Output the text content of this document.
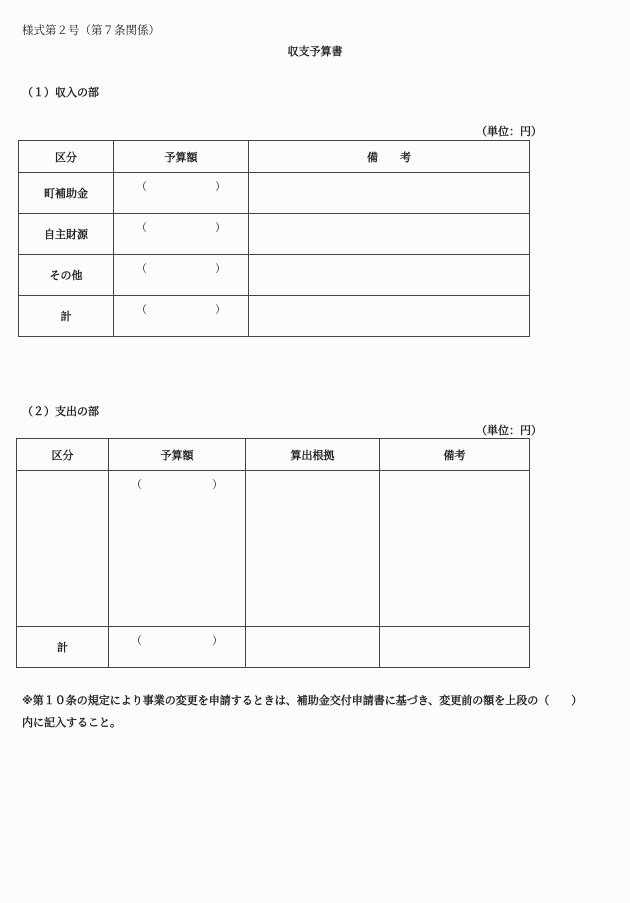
様式第２号（第７条関係）
収支予算書
（１）収入の部
（単位：円）
区分	予算額	備　　考
町補助金	（ ）	

自主財源	（ ）	

その他	（ ）	

計	（ ）	

（２）支出の部
（単位：円）
区分	予算額	算出根拠	備考

	（ ）		

計	（ ）		

※第１０条の規定により事業の変更を申請するときは、補助金交付申請書に基づき、変更前の額を上段の（　　）
内に記入すること。
